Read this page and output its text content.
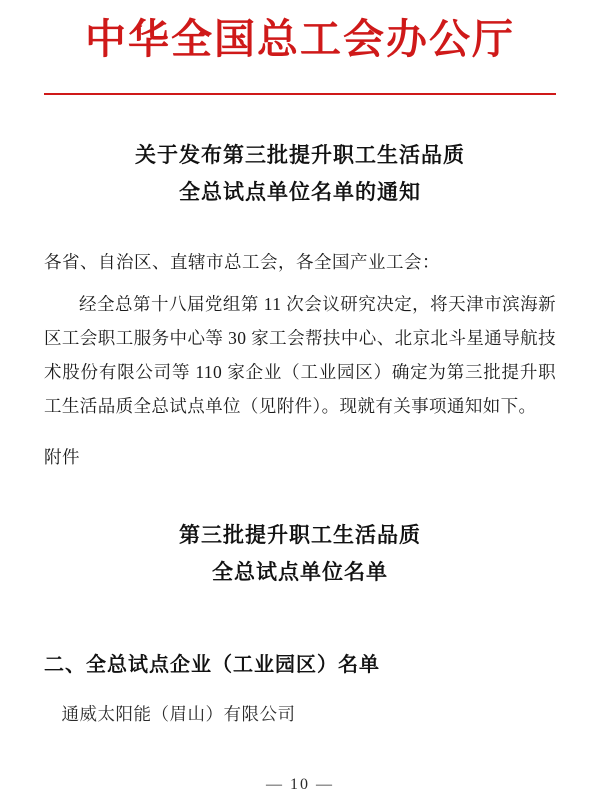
中华全国总工会办公厅
关于发布第三批提升职工生活品质
全总试点单位名单的通知
各省、自治区、直辖市总工会，各全国产业工会：
经全总第十八届党组第 11 次会议研究决定，将天津市滨海新区工会职工服务中心等 30 家工会帮扶中心、北京北斗星通导航技术股份有限公司等 110 家企业（工业园区）确定为第三批提升职工生活品质全总试点单位（见附件）。现就有关事项通知如下。
附件
第三批提升职工生活品质
全总试点单位名单
二、全总试点企业（工业园区）名单
通威太阳能（眉山）有限公司
— 10 —
